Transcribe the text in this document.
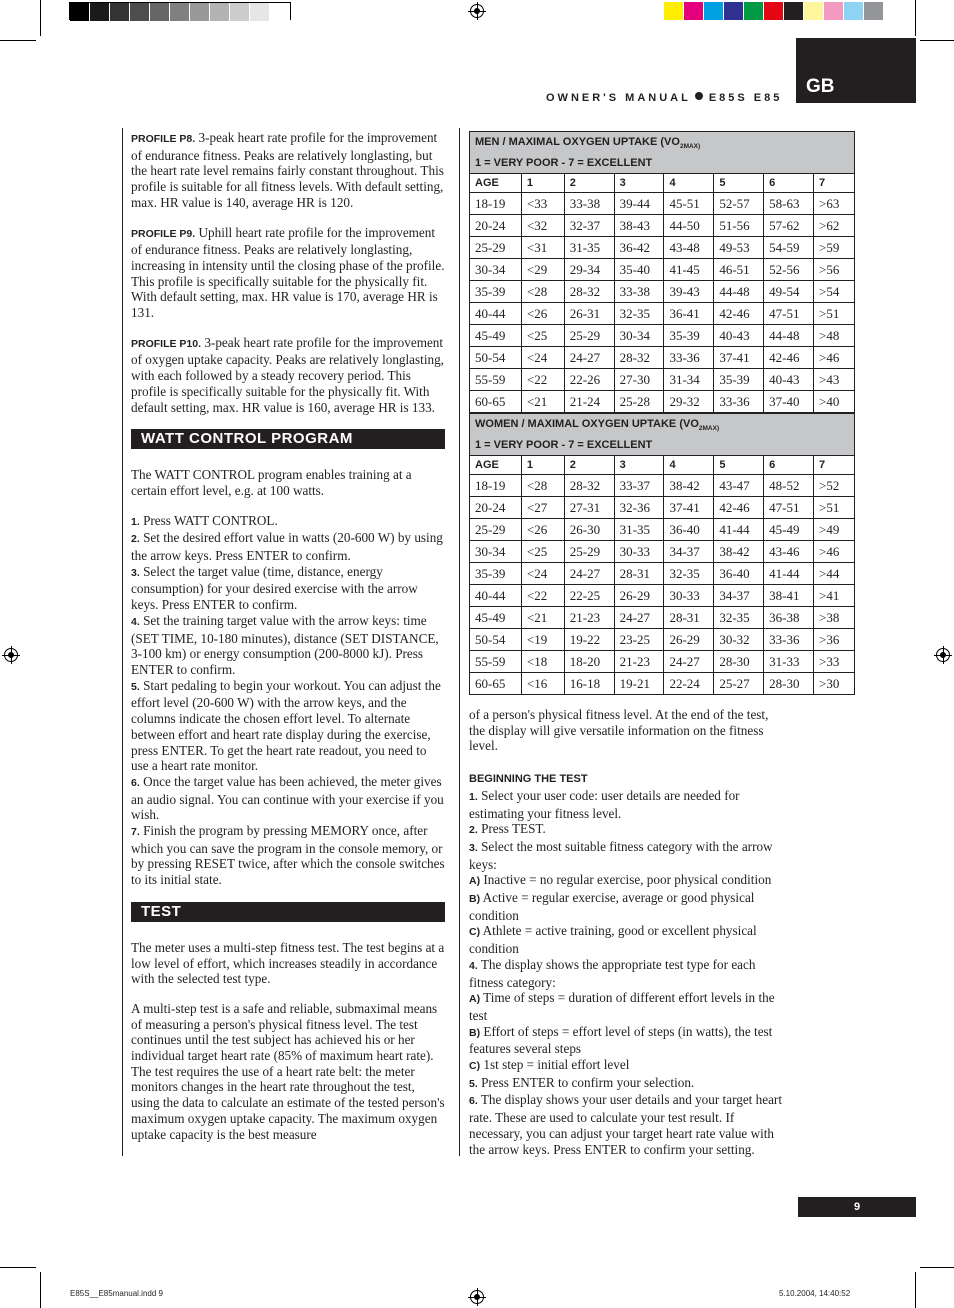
OWNER'S MANUAL E85S E85
GB

PROFILE P8. 3-peak heart rate profile for the improvement of endurance fitness. Peaks are relatively longlasting, but the heart rate level remains fairly constant throughout. This profile is suitable for all fitness levels. With default setting, max. HR value is 140, average HR is 120.

PROFILE P9. Uphill heart rate profile for the improvement of endurance fitness. Peaks are relatively longlasting, increasing in intensity until the closing phase of the profile. This profile is specifically suitable for the physically fit. With default setting, max. HR value is 170, average HR is 131.

PROFILE P10. 3-peak heart rate profile for the improvement of oxygen uptake capacity. Peaks are relatively longlasting, with each followed by a steady recovery period. This profile is specifically suitable for the physically fit. With default setting, max. HR value is 160, average HR is 133.

WATT CONTROL PROGRAM

The WATT CONTROL program enables training at a certain effort level, e.g. at 100 watts.

1. Press WATT CONTROL.

2. Set the desired effort value in watts (20-600 W) by using the arrow keys. Press ENTER to confirm.

3. Select the target value (time, distance, energy consumption) for your desired exercise with the arrow keys. Press ENTER to confirm.

4. Set the training target value with the arrow keys: time (SET TIME, 10-180 minutes), distance (SET DISTANCE, 3-100 km) or energy consumption (200-8000 kJ). Press ENTER to confirm.

5. Start pedaling to begin your workout. You can adjust the effort level (20-600 W) with the arrow keys, and the columns indicate the chosen effort level. To alternate between effort and heart rate display during the exercise, press ENTER. To get the heart rate readout, you need to use a heart rate monitor.

6. Once the target value has been achieved, the meter gives an audio signal. You can continue with your exercise if you wish.

7. Finish the program by pressing MEMORY once, after which you can save the program in the console memory, or by pressing RESET twice, after which the console switches to its initial state.

TEST

The meter uses a multi-step fitness test. The test begins at a low level of effort, which increases steadily in accordance with the selected test type.

A multi-step test is a safe and reliable, submaximal means of measuring a person's physical fitness level. The test continues until the test subject has achieved his or her individual target heart rate (85% of maximum heart rate). The test requires the use of a heart rate belt: the meter monitors changes in the heart rate throughout the test, using the data to calculate an estimate of the tested person's maximum oxygen uptake capacity. The maximum oxygen uptake capacity is the best measure

MEN / MAXIMAL OXYGEN UPTAKE ($VO_{2MAX)}$
1 = VERY POOR - 7 = EXCELLENT							
AGE	1	2	3	4	5	6	7
18-19	<33	33-38	39-44	45-51	52-57	58-63	>63
20-24	<32	32-37	38-43	44-50	51-56	57-62	>62
25-29	<31	31-35	36-42	43-48	49-53	54-59	>59
30-34	<29	29-34	35-40	41-45	46-51	52-56	>56
35-39	<28	28-32	33-38	39-43	44-48	49-54	>54
40-44	<26	26-31	32-35	36-41	42-46	47-51	>51
45-49	<25	25-29	30-34	35-39	40-43	44-48	>48
50-54	<24	24-27	28-32	33-36	37-41	42-46	>46
55-59	<22	22-26	27-30	31-34	35-39	40-43	>43
60-65	<21	21-24	25-28	29-32	33-36	37-40	>40
WOMEN / MAXIMAL OXYGEN UPTAKE ($VO_{2MAX)}$
1 = VERY POOR - 7 = EXCELLENT							
AGE	1	2	3	4	5	6	7
18-19	<28	28-32	33-37	38-42	43-47	48-52	>52
20-24	<27	27-31	32-36	37-41	42-46	47-51	>51
25-29	<26	26-30	31-35	36-40	41-44	45-49	>49
30-34	<25	25-29	30-33	34-37	38-42	43-46	>46
35-39	<24	24-27	28-31	32-35	36-40	41-44	>44
40-44	<22	22-25	26-29	30-33	34-37	38-41	>41
45-49	<21	21-23	24-27	28-31	32-35	36-38	>38
50-54	<19	19-22	23-25	26-29	30-32	33-36	>36
55-59	<18	18-20	21-23	24-27	28-30	31-33	>33
60-65	<16	16-18	19-21	22-24	25-27	28-30	>30

of a person's physical fitness level. At the end of the test, the display will give versatile information on the fitness level.

BEGINNING THE TEST

1. Select your user code: user details are needed for estimating your fitness level.

2. Press TEST.

3. Select the most suitable fitness category with the arrow keys:

A) Inactive = no regular exercise, poor physical condition

B) Active = regular exercise, average or good physical condition

C) Athlete = active training, good or excellent physical condition

4. The display shows the appropriate test type for each fitness category:

A) Time of steps = duration of different effort levels in the test

B) Effort of steps = effort level of steps (in watts), the test features several steps

C) 1st step = initial effort level

5. Press ENTER to confirm your selection.

6. The display shows your user details and your target heart rate. These are used to calculate your test result. If necessary, you can adjust your target heart rate value with the arrow keys. Press ENTER to confirm your setting.

9
E85S__E85manual.indd 9	5.10.2004, 14:40:52
